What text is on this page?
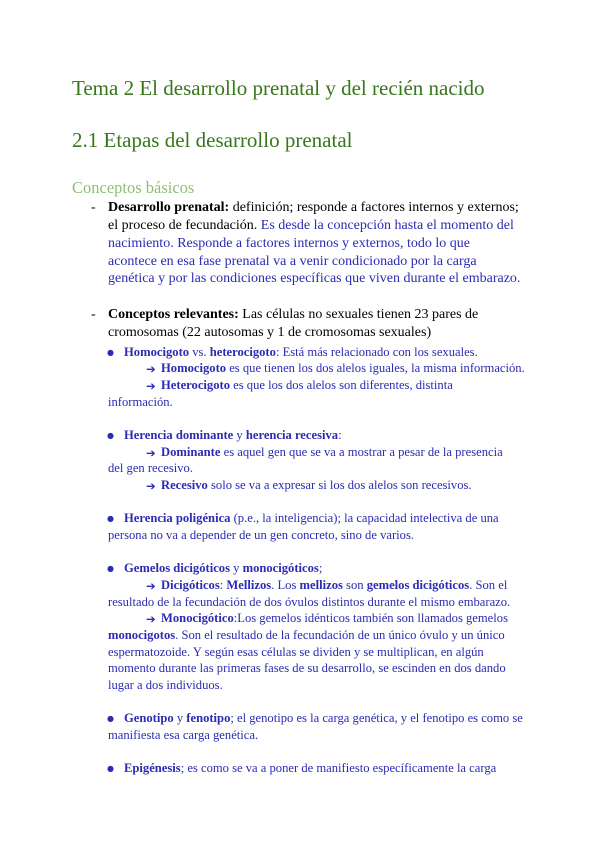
Tema 2 El desarrollo prenatal y del recién nacido
2.1 Etapas del desarrollo prenatal
Conceptos básicos
- Desarrollo prenatal: definición; responde a factores internos y externos;
el proceso de fecundación. Es desde la concepción hasta el momento del
nacimiento. Responde a factores internos y externos, todo lo que
acontece en esa fase prenatal va a venir condicionado por la carga
genética y por las condiciones específicas que viven durante el embarazo.
- Conceptos relevantes: Las células no sexuales tienen 23 pares de
cromosomas (22 autosomas y 1 de cromosomas sexuales)
● Homocigoto vs. heterocigoto: Está más relacionado con los sexuales.
➔ Homocigoto es que tienen los dos alelos iguales, la misma información.
➔ Heterocigoto es que los dos alelos son diferentes, distinta
información.
● Herencia dominante y herencia recesiva:
➔ Dominante es aquel gen que se va a mostrar a pesar de la presencia
del gen recesivo.
➔ Recesivo solo se va a expresar si los dos alelos son recesivos.
● Herencia poligénica (p.e., la inteligencia); la capacidad intelectiva de una
persona no va a depender de un gen concreto, sino de varios.
● Gemelos dicigóticos y monocigóticos;
➔ Dicigóticos: Mellizos. Los mellizos son gemelos dicigóticos. Son el
resultado de la fecundación de dos óvulos distintos durante el mismo embarazo.
➔ Monocigótico:Los gemelos idénticos también son llamados gemelos
monocigotos. Son el resultado de la fecundación de un único óvulo y un único
espermatozoide. Y según esas células se dividen y se multiplican, en algún
momento durante las primeras fases de su desarrollo, se escinden en dos dando
lugar a dos individuos.
● Genotipo y fenotipo; el genotipo es la carga genética, y el fenotipo es como se
manifiesta esa carga genética.
● Epigénesis; es como se va a poner de manifiesto específicamente la carga
